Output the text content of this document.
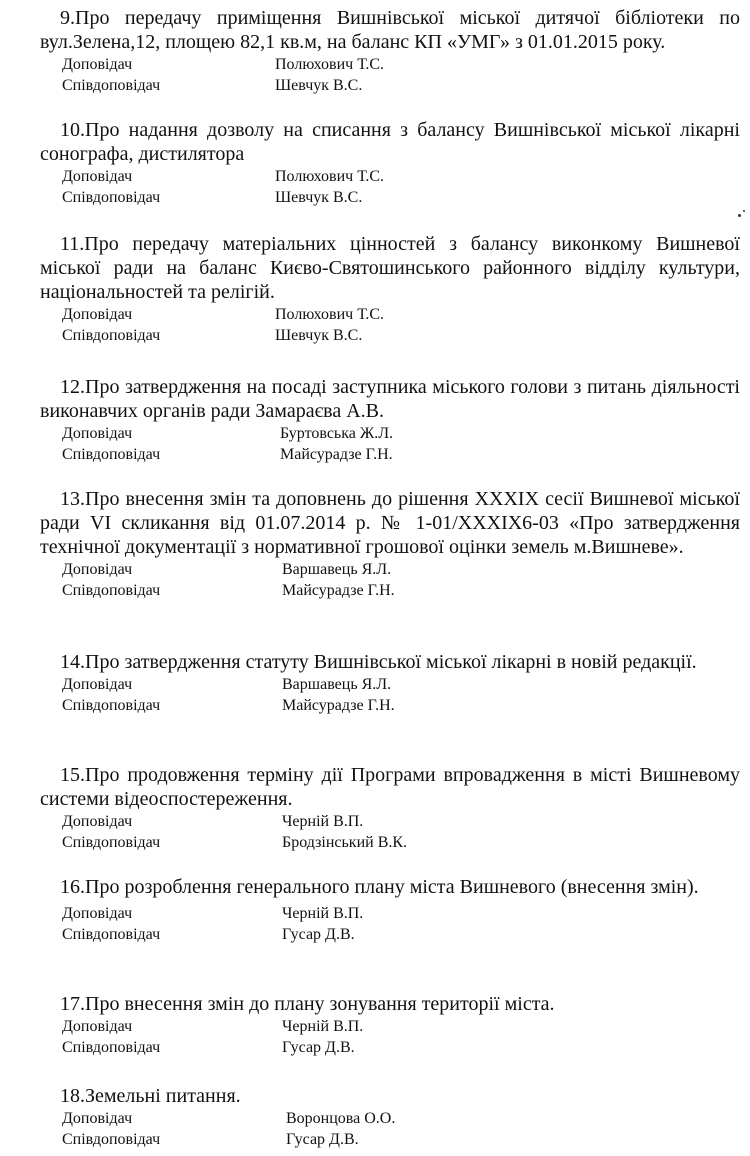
9.Про передачу приміщення Вишнівської міської дитячої бібліотеки по вул.Зелена,12, площею 82,1 кв.м, на баланс КП «УМГ» з 01.01.2015 року.

Доповідач	Полюхович Т.С.
Співдоповідач	Шевчук В.С.

10.Про надання дозволу на списання з балансу Вишнівської міської лікарні сонографа, дистилятора

Доповідач	Полюхович Т.С.
Співдоповідач	Шевчук В.С.

11.Про передачу матеріальних цінностей з балансу виконкому Вишневої міської ради на баланс Києво-Святошинського районного відділу культури, національностей та релігій.

Доповідач	Полюхович Т.С.
Співдоповідач	Шевчук В.С.

12.Про затвердження на посаді заступника міського голови з питань діяльності виконавчих органів ради Замараєва А.В.

Доповідач	Буртовська Ж.Л.
Співдоповідач	Майсурадзе Г.Н.

13.Про внесення змін та доповнень до рішення XXXIX сесії Вишневої міської ради VI скликання від 01.07.2014 р. № 1-01/XXXIX6-03 «Про затвердження технічної документації з нормативної грошової оцінки земель м.Вишневе».

Доповідач	Варшавець Я.Л.
Співдоповідач	Майсурадзе Г.Н.

14.Про затвердження статуту Вишнівської міської лікарні в новій редакції.

Доповідач	Варшавець Я.Л.
Співдоповідач	Майсурадзе Г.Н.

15.Про продовження терміну дії Програми впровадження в місті Вишневому системи відеоспостереження.

Доповідач	Черній В.П.
Співдоповідач	Бродзінський В.К.

16.Про розроблення генерального плану міста Вишневого (внесення змін).

Доповідач	Черній В.П.
Співдоповідач	Гусар Д.В.

17.Про внесення змін до плану зонування території міста.

Доповідач	Черній В.П.
Співдоповідач	Гусар Д.В.

18.Земельні питання.

Доповідач	Воронцова О.О.
Співдоповідач	Гусар Д.В.
